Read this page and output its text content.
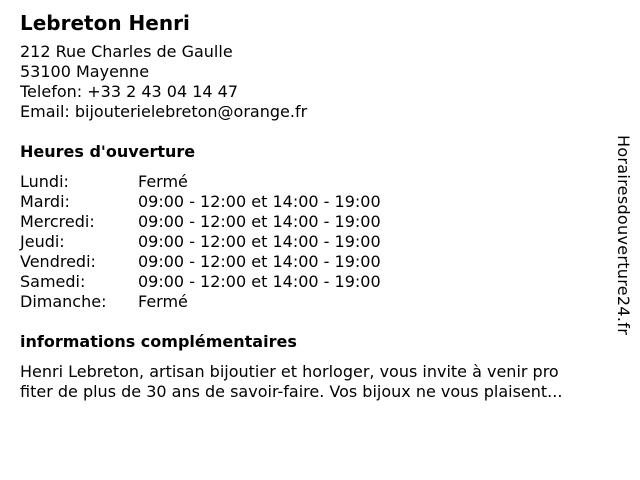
Lebreton Henri
212 Rue Charles de Gaulle
53100 Mayenne
Telefon: +33 2 43 04 14 47
Email: bijouterielebreton@orange.fr
Heures d'ouverture
Lundi:	Fermé
Mardi:	09:00 - 12:00 et 14:00 - 19:00
Mercredi:	09:00 - 12:00 et 14:00 - 19:00
Jeudi:	09:00 - 12:00 et 14:00 - 19:00
Vendredi:	09:00 - 12:00 et 14:00 - 19:00
Samedi:	09:00 - 12:00 et 14:00 - 19:00
Dimanche:	Fermé
informations complémentaires
Henri Lebreton, artisan bijoutier et horloger, vous invite à venir pro
fiter de plus de 30 ans de savoir-faire. Vos bijoux ne vous plaisent...
Horairesdouverture24.fr
